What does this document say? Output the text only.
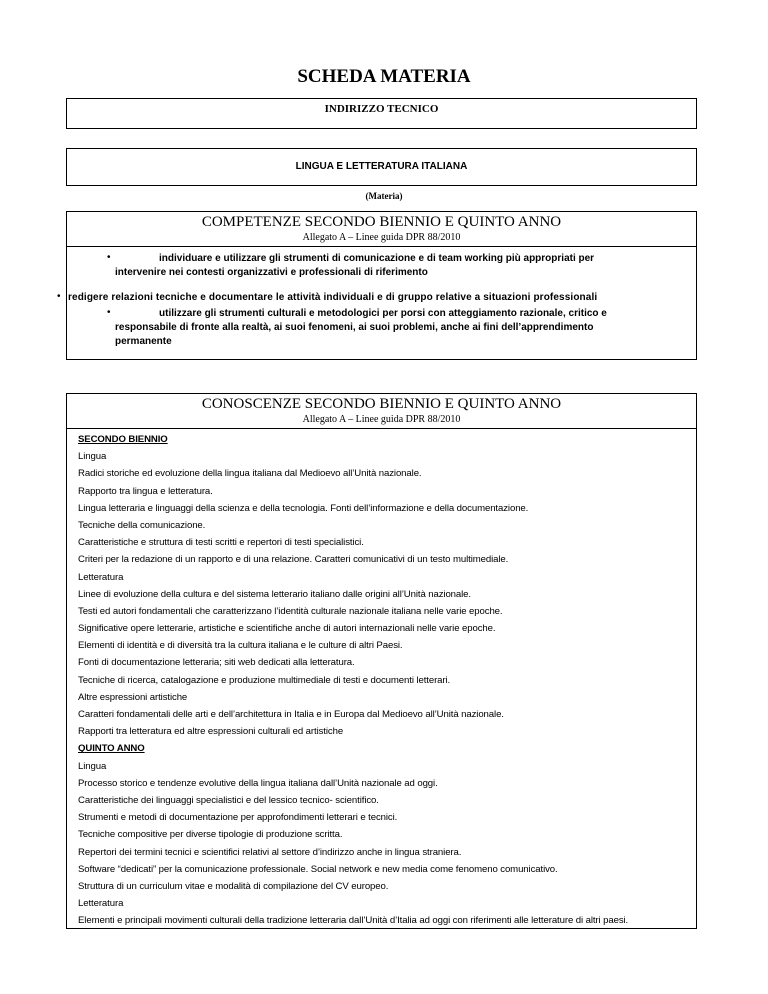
SCHEDA MATERIA
INDIRIZZO TECNICO
LINGUA E LETTERATURA ITALIANA
(Materia)
COMPETENZE SECONDO BIENNIO E QUINTO ANNO
Allegato A – Linee guida DPR 88/2010
•	individuare e utilizzare gli strumenti di comunicazione e di team working più appropriati per
intervenire nei contesti organizzativi e professionali di riferimento
• redigere relazioni tecniche e documentare le attività individuali e di gruppo relative a situazioni professionali
•	utilizzare gli strumenti culturali e metodologici per porsi con atteggiamento razionale, critico e
responsabile di fronte alla realtà, ai suoi fenomeni, ai suoi problemi, anche ai fini dell’apprendimento
permanente
CONOSCENZE SECONDO BIENNIO E QUINTO ANNO
Allegato A – Linee guida DPR 88/2010
SECONDO BIENNIO
Lingua
Radici storiche ed evoluzione della lingua italiana dal Medioevo all’Unità nazionale.
Rapporto tra lingua e letteratura.
Lingua letteraria e linguaggi della scienza e della tecnologia. Fonti dell’informazione e della documentazione.
Tecniche della comunicazione.
Caratteristiche e struttura di testi scritti e repertori di testi specialistici.
Criteri per la redazione di un rapporto e di una relazione. Caratteri comunicativi di un testo multimediale.
Letteratura
Linee di evoluzione della cultura e del sistema letterario italiano dalle origini all’Unità nazionale.
Testi ed autori fondamentali che caratterizzano l’identità culturale nazionale italiana nelle varie epoche.
Significative opere letterarie, artistiche e scientifiche anche di autori internazionali nelle varie epoche.
Elementi di identità e di diversità tra la cultura italiana e le culture di altri Paesi.
Fonti di documentazione letteraria; siti web dedicati alla letteratura.
Tecniche di ricerca, catalogazione e produzione multimediale di testi e documenti letterari.
Altre espressioni artistiche
Caratteri fondamentali delle arti e dell’architettura in Italia e in Europa dal Medioevo all’Unità nazionale.
Rapporti tra letteratura ed altre espressioni culturali ed artistiche
QUINTO ANNO
Lingua
Processo storico e tendenze evolutive della lingua italiana dall’Unità nazionale ad oggi.
Caratteristiche dei linguaggi specialistici e del lessico tecnico- scientifico.
Strumenti e metodi di documentazione per approfondimenti letterari e tecnici.
Tecniche compositive per diverse tipologie di produzione scritta.
Repertori dei termini tecnici e scientifici relativi al settore d’indirizzo anche in lingua straniera.
Software “dedicati” per la comunicazione professionale. Social network e new media come fenomeno comunicativo.
Struttura di un curriculum vitae e modalità di compilazione del CV europeo.
Letteratura
Elementi e principali movimenti culturali della tradizione letteraria dall’Unità d’Italia ad oggi con riferimenti alle letterature di altri paesi.
